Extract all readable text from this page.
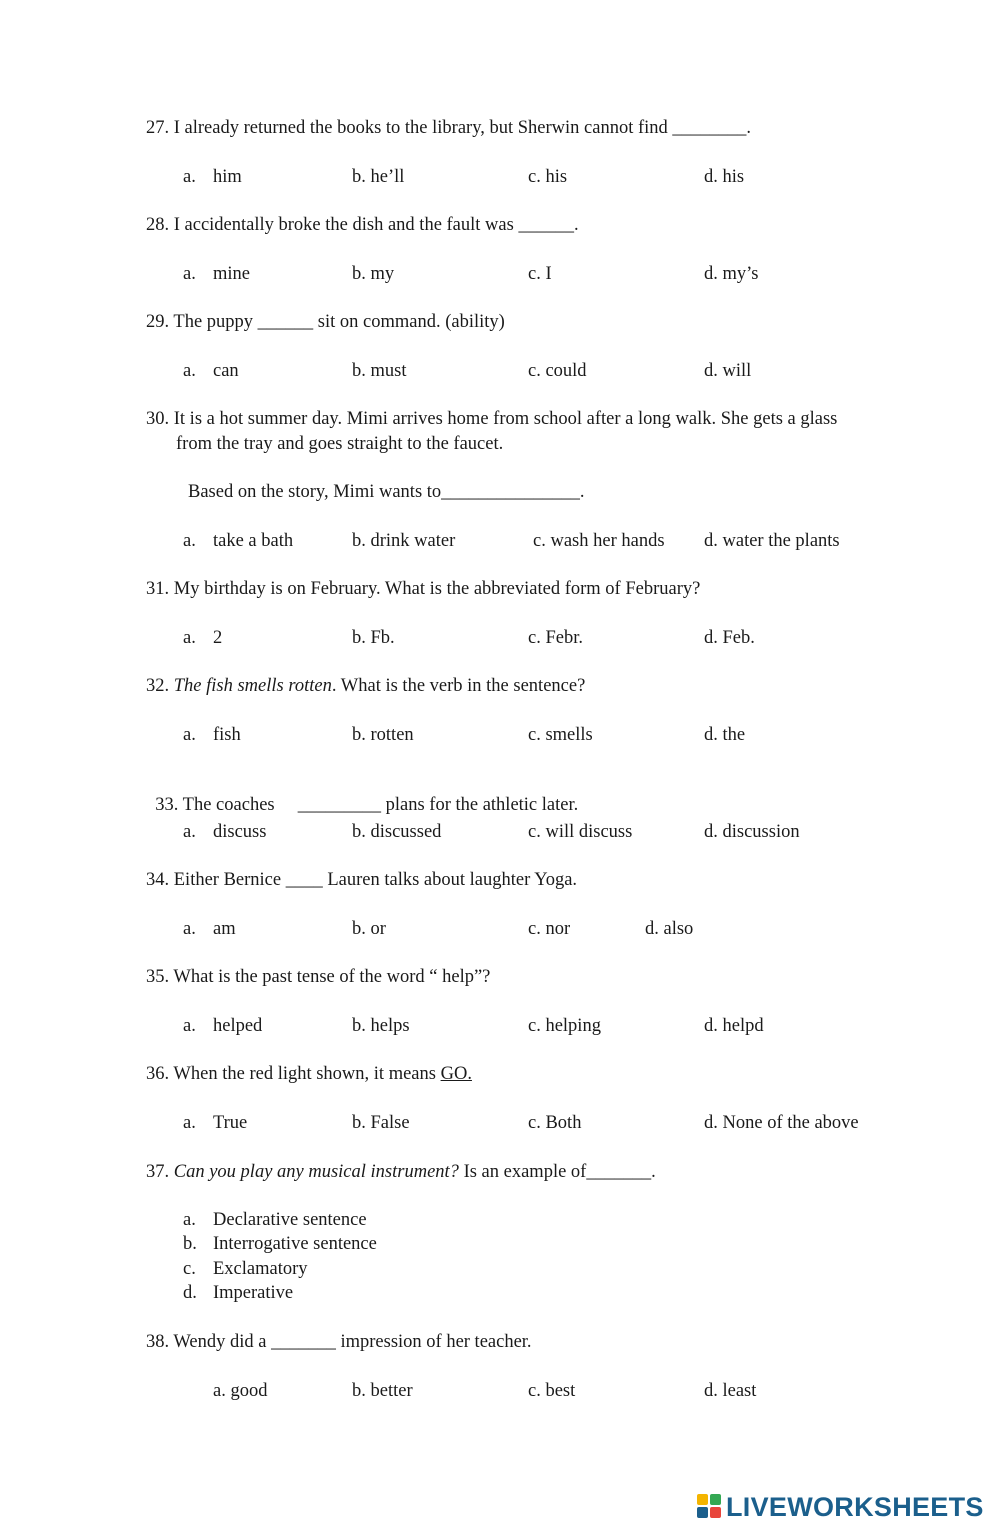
27. I already returned the books to the library, but Sherwin cannot find ________.
a. him	b. he’ll	c. his	d. his
28. I accidentally broke the dish and the fault was ______.
a. mine	b. my	c. I	d. my’s
29. The puppy ______ sit on command. (ability)
a. can	b. must	c. could	d. will
30. It is a hot summer day. Mimi arrives home from school after a long walk. She gets a glass
from the tray and goes straight to the faucet.
Based on the story, Mimi wants to_______________.
a. take a bath	b. drink water	c. wash her hands d. water the plants
31. My birthday is on February. What is the abbreviated form of February?
a. 2	b. Fb.	c. Febr.	d. Feb.
32. The fish smells rotten. What is the verb in the sentence?
a. fish	b. rotten	c. smells	d. the

33. The coaches     _________ plans for the athletic later.

a. discuss	b. discussed	c. will discuss	d. discussion
34. Either Bernice ____ Lauren talks about laughter Yoga.
a. am	b. or	c. nor	d. also
35. What is the past tense of the word “ help”?
a. helped	b. helps	c. helping	d. helpd
36. When the red light shown, it means GO.
a. True	b. False	c. Both	d. None of the above
37. Can you play any musical instrument? Is an example of_______.
a. Declarative sentence
b. Interrogative sentence
c. Exclamatory
d. Imperative
38. Wendy did a _______ impression of her teacher.
a. good	b. better	c. best	d. least
LIVEWORKSHEETS
